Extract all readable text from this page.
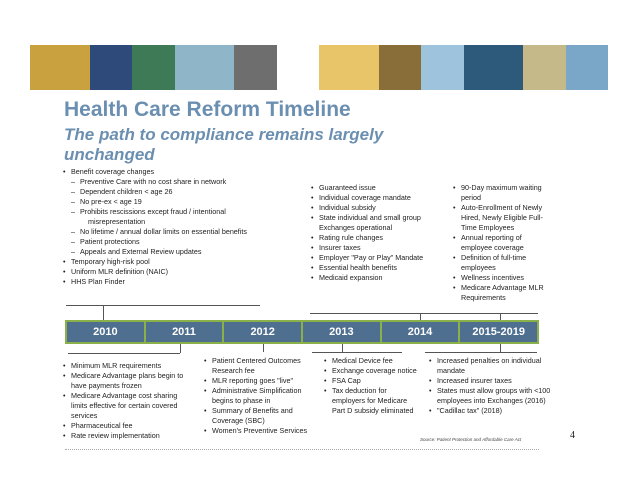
Health Care Reform Timeline
The path to compliance remains largely unchanged
• Benefit coverage changes
– Preventive Care with no cost share in network
– Dependent children < age 26
– No pre-ex < age 19
– Prohibits rescissions except fraud / intentional
misrepresentation
– No lifetime / annual dollar limits on essential benefits
– Patient protections
– Appeals and External Review updates
• Temporary high-risk pool
• Uniform MLR definition (NAIC)
• HHS Plan Finder
• Guaranteed issue
• Individual coverage mandate
• Individual subsidy
• State individual and small group Exchanges operational
• Rating rule changes
• Insurer taxes
• Employer "Pay or Play" Mandate
• Essential health benefits
• Medicaid expansion
• 90-Day maximum waiting period
• Auto-Enrollment of Newly Hired, Newly Eligible Full-Time Employees
• Annual reporting of employee coverage
• Definition of full-time employees
• Wellness incentives
• Medicare Advantage MLR Requirements
2010	2011	2012	2013	2014	2015-2019
• Minimum MLR requirements
• Medicare Advantage plans begin to have payments frozen
• Medicare Advantage cost sharing limits effective for certain covered services
• Pharmaceutical fee
• Rate review implementation
• Patient Centered Outcomes Research fee
• MLR reporting goes "live"
• Administrative Simplification begins to phase in
• Summary of Benefits and Coverage (SBC)
• Women's Preventive Services
• Medical Device fee
• Exchange coverage notice
• FSA Cap
• Tax deduction for employers for Medicare Part D subsidy eliminated
• Increased penalties on individual mandate
• Increased insurer taxes
• States must allow groups with <100 employees into Exchanges (2016)
• "Cadillac tax" (2018)
Source: Patient Protection and Affordable Care Act	4
